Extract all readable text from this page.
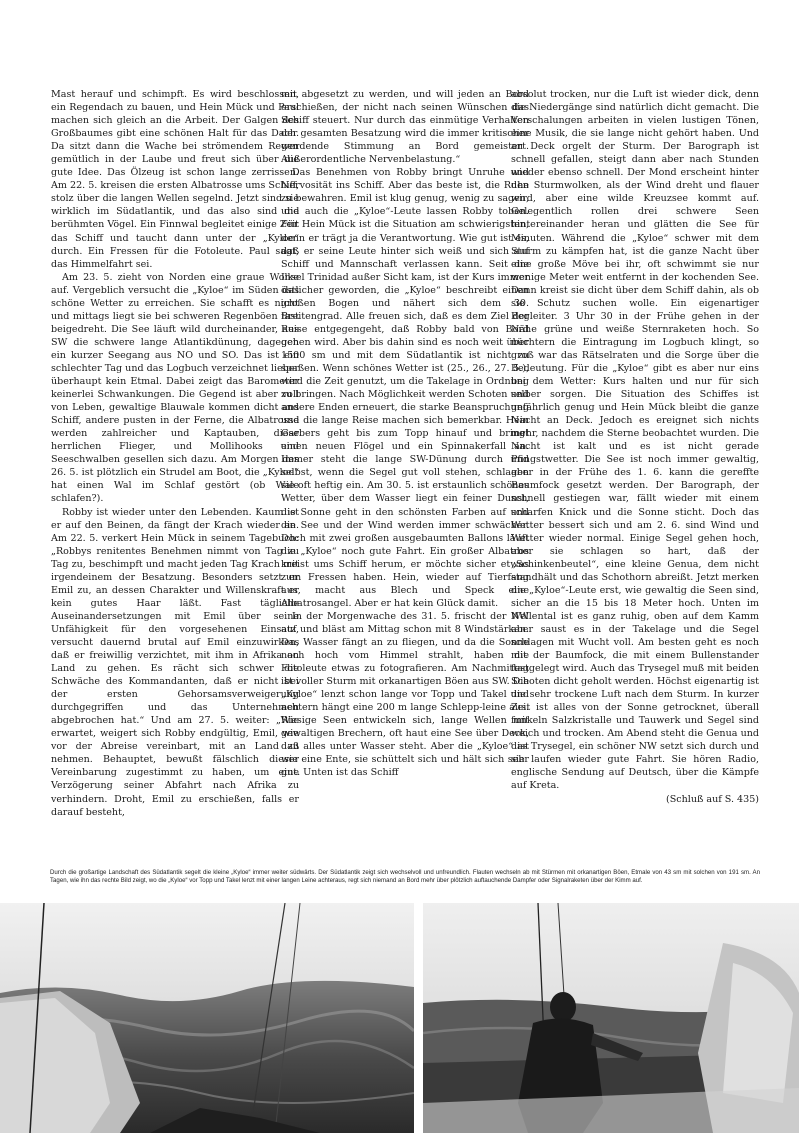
Mast herauf und schimpft. Es wird beschlossen, ein Regendach zu bauen, und Hein Mück und Paul machen sich gleich an die Arbeit. Der Galgen des Großbaumes gibt eine schönen Halt für das Dach. Da sitzt dann die Wache bei strömendem Regen gemütlich in der Laube und freut sich über die gute Idee. Das Ölzeug ist schon lange zerrissen. Am 22. 5. kreisen die ersten Albatrosse ums Schiff, stolz über die langen Wellen segelnd. Jetzt sind sie wirklich im Südatlantik, und das also sind die berühmten Vögel. Ein Finnwal begleitet einige Zeit das Schiff und taucht dann unter der „Kyloe“ durch. Ein Fressen für die Fotoleute. Paul sagt, das Himmelfahrt sei.

Am 23. 5. zieht von Norden eine graue Wolke auf. Vergeblich versucht die „Kyloe“ im Süden das schöne Wetter zu erreichen. Sie schafft es nicht und mittags liegt sie bei schweren Regenböen fast beigedreht. Die See läuft wild durcheinander, aus SW die schwere lange Atlantikdünung, dagegen ein kurzer Seegang aus NO und SO. Das ist ein schlechter Tag und das Logbuch verzeichnet lieber überhaupt kein Etmal. Dabei zeigt das Barometer keinerlei Schwankungen. Die Gegend ist aber voll von Leben, gewaltige Blauwale kommen dicht ans Schiff, andere pusten in der Ferne, die Albatrosse werden zahlreicher und Kaptauben, diese herrlichen Flieger, und Mollihooks und Seeschwalben gesellen sich dazu. Am Morgen des 26. 5. ist plötzlich ein Strudel am Boot, die „Kyloe“ hat einen Wal im Schlaf gestört (ob Wale schlafen?).

Robby ist wieder unter den Lebenden. Kaum ist er auf den Beinen, da fängt der Krach wieder an. Am 22. 5. verkert Hein Mück in seinem Tagebuch: „Robbys renitentes Benehmen nimmt von Tag zu Tag zu, beschimpft und macht jeden Tag Krach mit irgendeinem der Besatzung. Besonders setzt er Emil zu, an dessen Charakter und Willenskraft er kein gutes Haar läßt. Fast tägliche Auseinandersetzungen mit Emil über seine Unfähigkeit für den vorgesehenen Einsatz, versucht dauernd brutal auf Emil einzuwirken, daß er freiwillig verzichtet, mit ihm in Afrika an Land zu gehen. Es rächt sich schwer die Schwäche des Kommandanten, daß er nicht bei der ersten Gehorsamsverweigerung durchgegriffen und das Unternehmen abgebrochen hat.“ Und am 27. 5. weiter: „Wie erwartet, weigert sich Robby endgültig, Emil, wie vor der Abreise vereinbart, mit an Land zu nehmen. Behauptet, bewußt fälschlich dieser Vereinbarung zugestimmt zu haben, um eine Verzögerung seiner Abfahrt nach Afrika zu verhindern. Droht, Emil zu erschießen, falls er darauf besteht,

mit abgesetzt zu werden, und will jeden an Bord erschießen, der nicht nach seinen Wünschen das Schiff steuert. Nur durch das einmütige Verhalten der gesamten Besatzung wird die immer kritischer werdende Stimmung an Bord gemeistert. Außerordentliche Nervenbelastung.“

Das Benehmen von Robby bringt Unruhe und Nervosität ins Schiff. Aber das beste ist, die Ruhe zu bewahren. Emil ist klug genug, wenig zu sagen, und auch die „Kyloe“-Leute lassen Robby toben. Für Hein Mück ist die Situation am schwierigsten, denn er trägt ja die Verantwortung. Wie gut ist es, daß er seine Leute hinter sich weiß und sich auf Schiff und Mannschaft verlassen kann. Seit die Insel Trinidad außer Sicht kam, ist der Kurs immer östlicher geworden, die „Kyloe“ beschreibt einen großen Bogen und nähert sich dem 30. Breitengrad. Alle freuen sich, daß es dem Ziel der Reise entgegengeht, daß Robby bald von Bord gehen wird. Aber bis dahin sind es noch weit über 1500 sm und mit dem Südatlantik ist nicht zu spaßen. Wenn schönes Wetter ist (25., 26., 27. 5.), wird die Zeit genutzt, um die Takelage in Ordnung zu bringen. Nach Möglichkeit werden Schoten und andere Enden erneuert, die starke Beanspruchung und die lange Reise machen sich bemerkbar. Hein Garbers geht bis zum Topp hinauf und bringt einen neuen Flögel und ein Spinnakerfall an. Immer steht die lange SW-Dünung durch und selbst, wenn die Segel gut voll stehen, schlagen sie oft heftig ein. Am 30. 5. ist erstaunlich schönes Wetter, über dem Wasser liegt ein feiner Dunst, die Sonne geht in den schönsten Farben auf und die See und der Wind werden immer schwächer. Doch mit zwei großen ausgebaumten Ballons läuft die „Kyloe“ noch gute Fahrt. Ein großer Albatros kreist ums Schiff herum, er möchte sicher etwas zum Fressen haben. Hein, wieder auf Tierfang aus, macht aus Blech und Speck eine Albatrosangel. Aber er hat kein Glück damit.

In der Morgenwache des 31. 5. frischt der NW auf und bläst am Mittag schon mit 8 Windstärken. Das Wasser fängt an zu fliegen, und da die Sonne noch hoch vom Himmel strahlt, haben die Fotoleute etwas zu fotografieren. Am Nachmittag ist voller Sturm mit orkanartigen Böen aus SW. Die „Kyloe“ lenzt schon lange vor Topp und Takel und achtern hängt eine 200 m lange Schlepp-leine aus. Riesige Seen entwickeln sich, lange Wellen mit gewaltigen Brechern, oft haut eine See über Deck, daß alles unter Wasser steht. Aber die „Kyloe“ ist wie eine Ente, sie schüttelt sich und hält sich sehr gut. Unten ist das Schiff

absolut trocken, nur die Luft ist wieder dick, denn die Niedergänge sind natürlich dicht gemacht. Die Verschalungen arbeiten in vielen lustigen Tönen, eine Musik, die sie lange nicht gehört haben. Und an Deck orgelt der Sturm. Der Barograph ist schnell gefallen, steigt dann aber nach Stunden wieder ebenso schnell. Der Mond erscheint hinter den Sturmwolken, als der Wind dreht und flauer wird, aber eine wilde Kreuzsee kommt auf. Gelegentlich rollen drei schwere Seen hintereinander heran und glätten die See für Minuten. Während die „Kyloe“ schwer mit dem Sturm zu kämpfen hat, ist die ganze Nacht über eine große Möve bei ihr, oft schwimmt sie nur wenige Meter weit entfernt in der kochenden See. Dann kreist sie dicht über dem Schiff dahin, als ob sie Schutz suchen wolle. Ein eigenartiger Begleiter. 3 Uhr 30 in der Frühe gehen in der Nähe grüne und weiße Sternraketen hoch. So nüchtern die Eintragung im Logbuch klingt, so groß war das Rätselraten und die Sorge über die Bedeutung. Für die „Kyloe“ gibt es aber nur eins bei dem Wetter: Kurs halten und nur für sich selber sorgen. Die Situation des Schiffes ist gefährlich genug und Hein Mück bleibt die ganze Nacht an Deck. Jedoch es ereignet sich nichts mehr, nachdem die Sterne beobachtet wurden. Die Nacht ist kalt und es ist nicht gerade Pfingstwetter. Die See ist noch immer gewaltig, aber in der Frühe des 1. 6. kann die gereffte Baumfock gesetzt werden. Der Barograph, der schnell gestiegen war, fällt wieder mit einem scharfen Knick und die Sonne sticht. Doch das Wetter bessert sich und am 2. 6. sind Wind und Wetter wieder normal. Einige Segel gehen hoch, aber sie schlagen so hart, daß der „Schinkenbeutel“, eine kleine Genua, dem nicht standhält und das Schothorn abreißt. Jetzt merken die „Kyloe“-Leute erst, wie gewaltig die Seen sind, sicher an die 15 bis 18 Meter hoch. Unten im Wellental ist es ganz ruhig, oben auf dem Kamm aber saust es in der Takelage und die Segel schlagen mit Wucht voll. Am besten geht es noch mit der Baumfock, die mit einem Bullenstander festgelegt wird. Auch das Trysegel muß mit beiden Schoten dicht geholt werden. Höchst eigenartig ist die sehr trockene Luft nach dem Sturm. In kurzer Zeit ist alles von der Sonne getrocknet, überall funkeln Salzkristalle und Tauwerk und Segel sind weich und trocken. Am Abend steht die Genua und das Trysegel, ein schöner NW setzt sich durch und sie laufen wieder gute Fahrt. Sie hören Radio, englische Sendung auf Deutsch, über die Kämpfe auf Kreta.

(Schluß auf S. 435)

Durch die großartige Landschaft des Südatlantik segelt die kleine „Kyloe“ immer weiter südwärts. Der Südatlantik zeigt sich wechselvoll und unfreundlich. Flauten wechseln ab mit Stürmen mit orkanartigen Böen, Etmale von 43 sm mit solchen von 191 sm. An Tagen, wie ihn das rechte Bild zeigt, wo die „Kyloe“ vor Topp und Takel lenzt mit einer langen Leine achteraus, regt sich niemand an Bord mehr über plötzlich auftauchende Dampfer oder Signalraketen über der Kimm auf.
